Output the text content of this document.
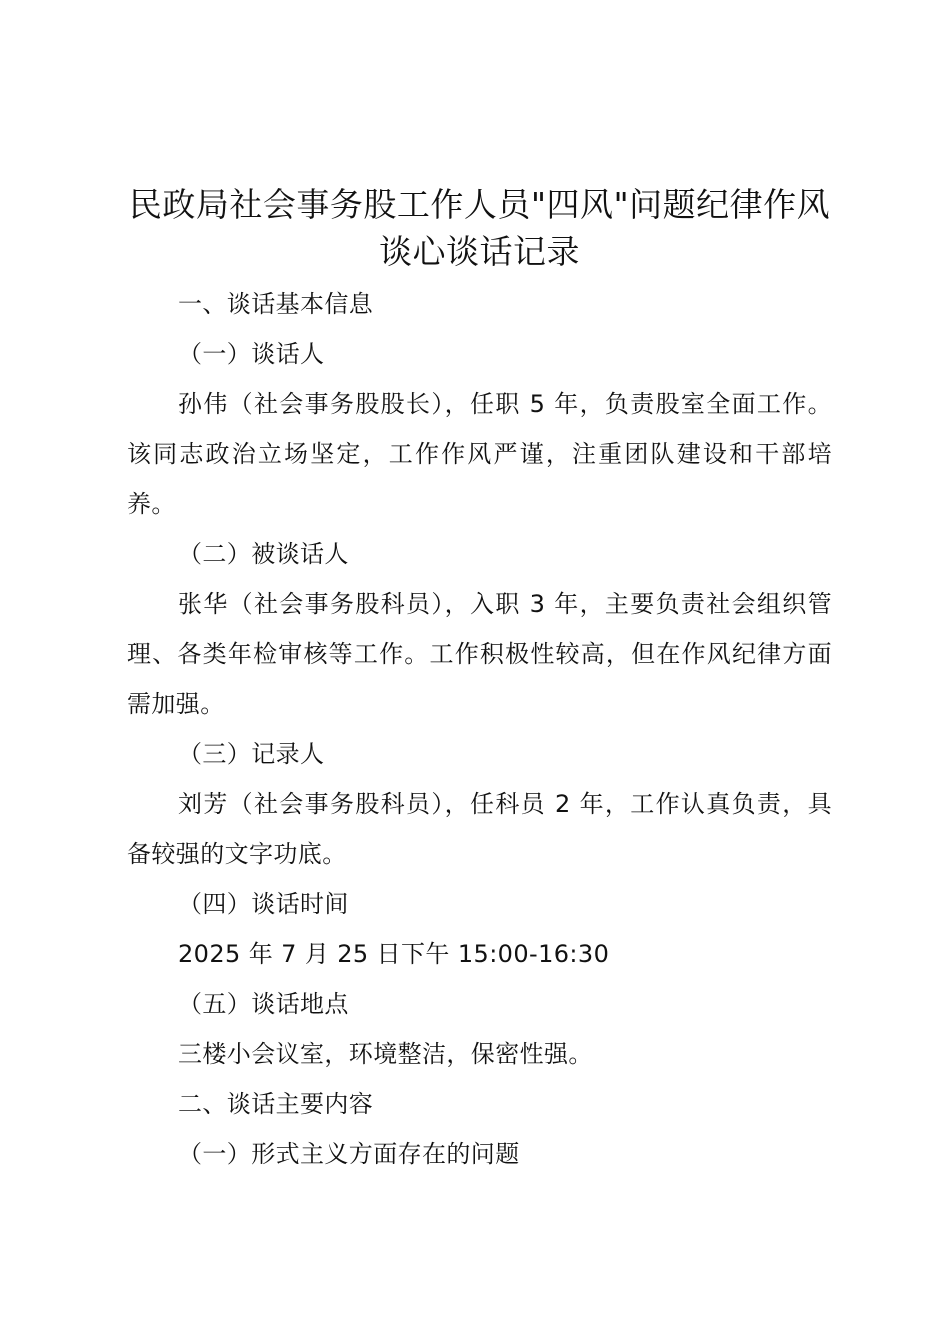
民政局社会事务股工作人员"四风"问题纪律作风谈心谈话记录

一、谈话基本信息

（一）谈话人

孙伟（社会事务股股长），任职 5 年，负责股室全面工作。该同志政治立场坚定，工作作风严谨，注重团队建设和干部培养。

（二）被谈话人

张华（社会事务股科员），入职 3 年，主要负责社会组织管理、各类年检审核等工作。工作积极性较高，但在作风纪律方面需加强。

（三）记录人

刘芳（社会事务股科员），任科员 2 年，工作认真负责，具备较强的文字功底。

（四）谈话时间

2025 年 7 月 25 日下午 15:00-16:30

（五）谈话地点

三楼小会议室，环境整洁，保密性强。

二、谈话主要内容

（一）形式主义方面存在的问题
